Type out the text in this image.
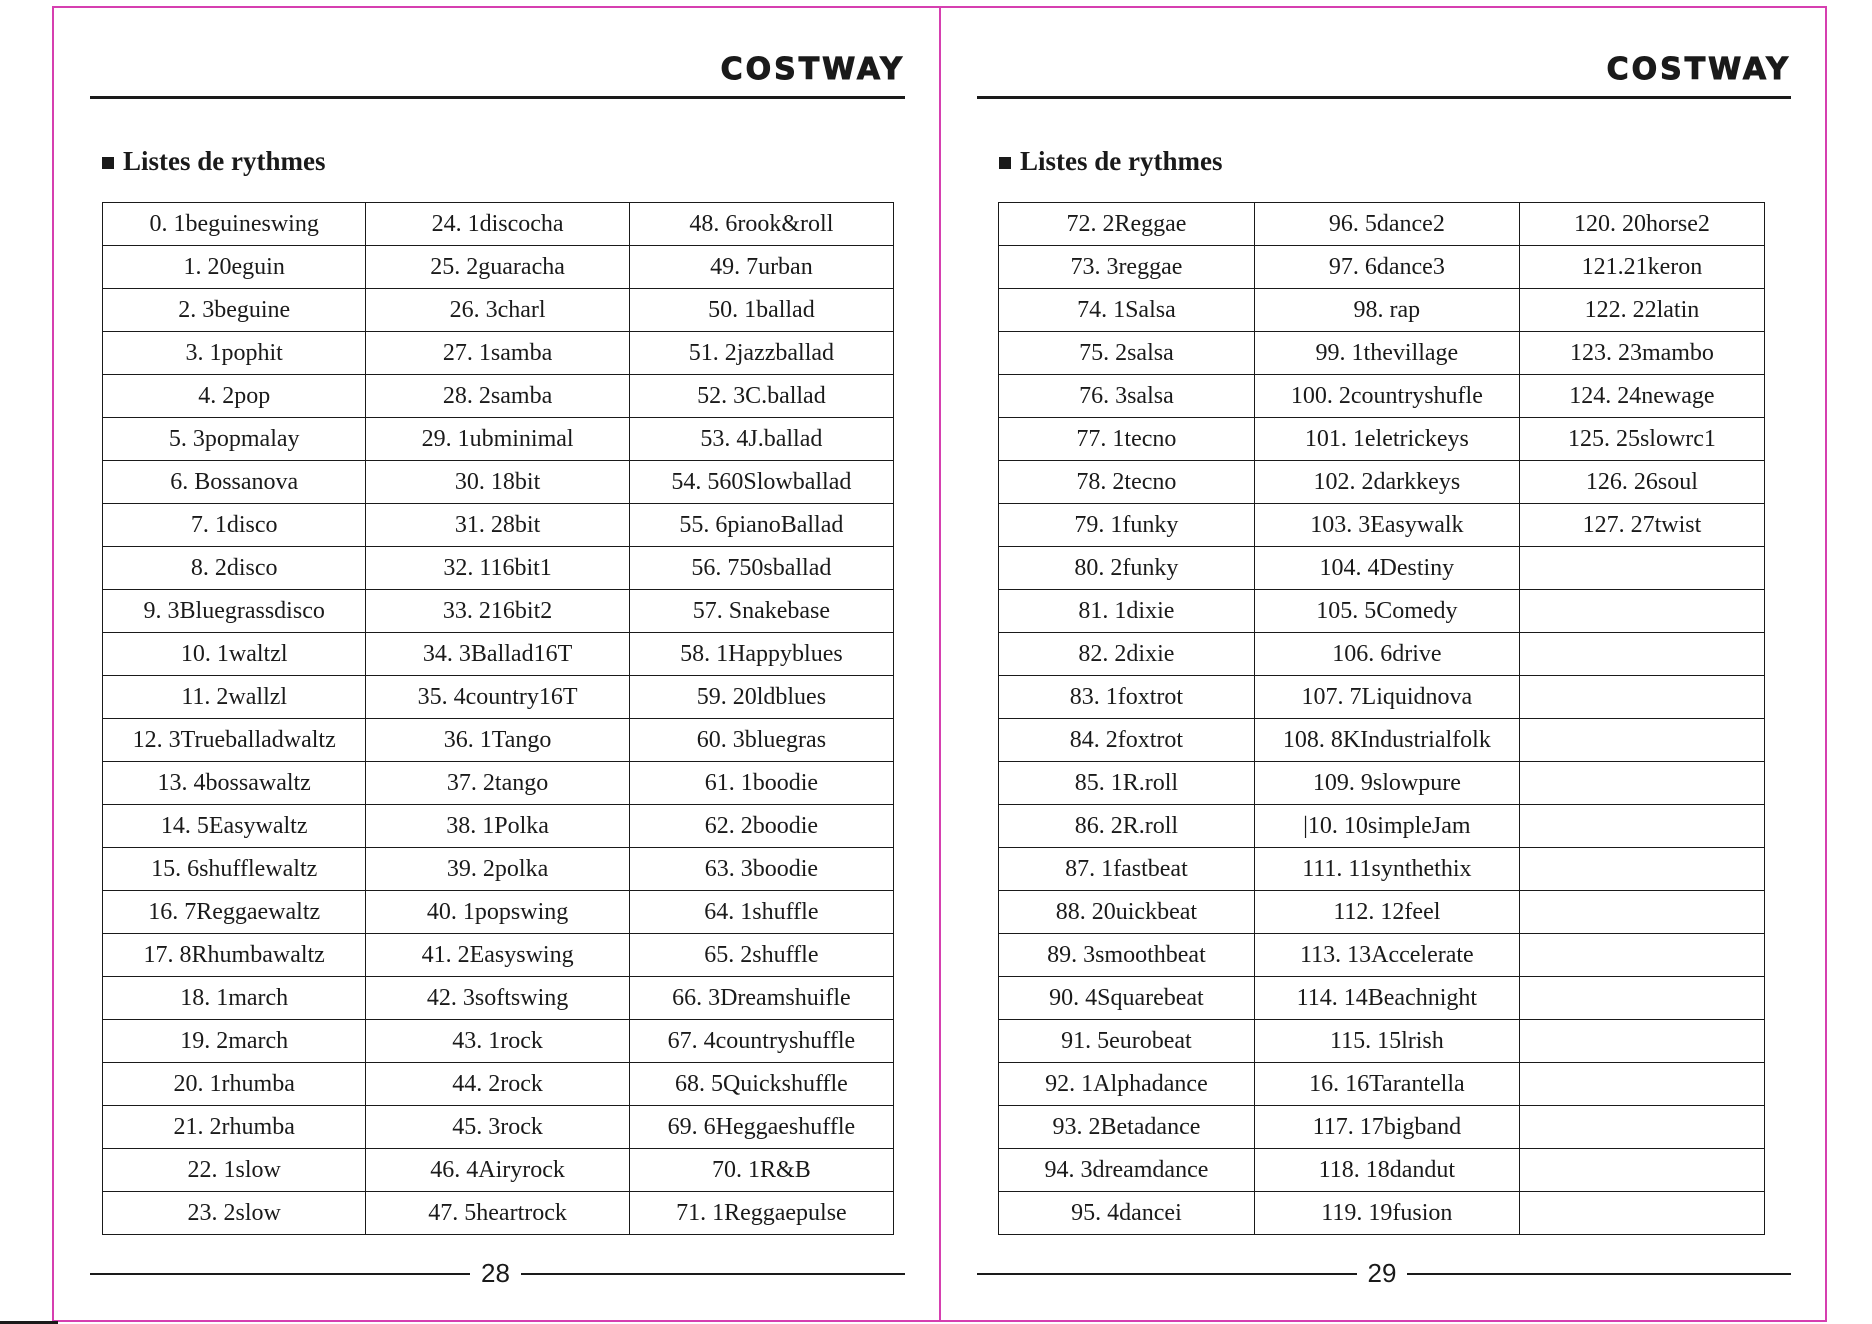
COSTWAY
Listes de rythmes
0. 1beguineswing	24. 1discocha	48. 6rook&roll
1. 20eguin	25. 2guaracha	49. 7urban
2. 3beguine	26. 3charl	50. 1ballad
3. 1pophit	27. 1samba	51. 2jazzballad
4. 2pop	28. 2samba	52. 3C.ballad
5. 3popmalay	29. 1ubminimal	53. 4J.ballad
6. Bossanova	30. 18bit	54. 560Slowballad
7. 1disco	31. 28bit	55. 6pianoBallad
8. 2disco	32. 116bit1	56. 750sballad
9. 3Bluegrassdisco	33. 216bit2	57. Snakebase
10. 1waltzl	34. 3Ballad16T	58. 1Happyblues
11. 2wallzl	35. 4country16T	59. 20ldblues
12. 3Trueballadwaltz	36. 1Tango	60. 3bluegras
13. 4bossawaltz	37. 2tango	61. 1boodie
14. 5Easywaltz	38. 1Polka	62. 2boodie
15. 6shufflewaltz	39. 2polka	63. 3boodie
16. 7Reggaewaltz	40. 1popswing	64. 1shuffle
17. 8Rhumbawaltz	41. 2Easyswing	65. 2shuffle
18. 1march	42. 3softswing	66. 3Dreamshuifle
19. 2march	43. 1rock	67. 4countryshuffle
20. 1rhumba	44. 2rock	68. 5Quickshuffle
21. 2rhumba	45. 3rock	69. 6Heggaeshuffle
22. 1slow	46. 4Airyrock	70. 1R&B
23. 2slow	47. 5heartrock	71. 1Reggaepulse
28
COSTWAY
Listes de rythmes
72. 2Reggae	96. 5dance2	120. 20horse2
73. 3reggae	97. 6dance3	121.21keron
74. 1Salsa	98. rap	122. 22latin
75. 2salsa	99. 1thevillage	123. 23mambo
76. 3salsa	100. 2countryshufle	124. 24newage
77. 1tecno	101. 1eletrickeys	125. 25slowrc1
78. 2tecno	102. 2darkkeys	126. 26soul
79. 1funky	103. 3Easywalk	127. 27twist
80. 2funky	104. 4Destiny	
81. 1dixie	105. 5Comedy	
82. 2dixie	106. 6drive	
83. 1foxtrot	107. 7Liquidnova	
84. 2foxtrot	108. 8KIndustrialfolk	
85. 1R.roll	109. 9slowpure	
86. 2R.roll	|10. 10simpleJam	
87. 1fastbeat	111. 11synthethix	
88. 20uickbeat	112. 12feel	
89. 3smoothbeat	113. 13Accelerate	
90. 4Squarebeat	114. 14Beachnight	
91. 5eurobeat	115. 15lrish	
92. 1Alphadance	16. 16Tarantella	
93. 2Betadance	117. 17bigband	
94. 3dreamdance	118. 18dandut	
95. 4dancei	119. 19fusion	
29
